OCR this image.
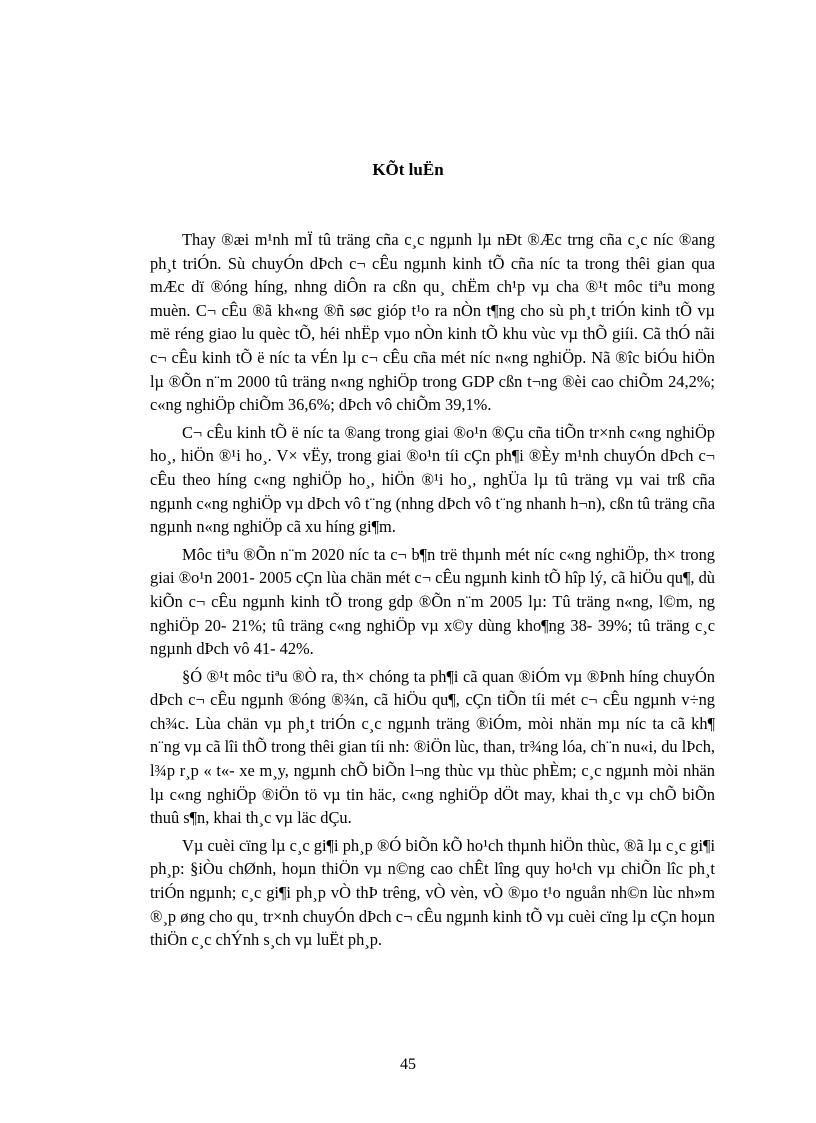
KÕt luËn

Thay ®æi m¹nh mÏ tû träng cña c¸c ngµnh lµ nÐt ®Æc trng cña c¸c níc ®ang ph¸t triÓn. Sù chuyÓn dÞch c¬ cÊu ngµnh kinh tÕ cña níc ta trong thêi gian qua mÆc dï ®óng híng, nhng diÔn ra cßn qu¸ chËm ch¹p vµ cha ®¹t môc tiªu mong muèn. C¬ cÊu ®ã kh«ng ®ñ søc gióp t¹o ra nÒn t¶ng cho sù ph¸t triÓn kinh tÕ vµ më réng giao lu quèc tÕ, héi nhËp vµo nÒn kinh tÕ khu vùc vµ thÕ giíi. Cã thÓ nãi c¬ cÊu kinh tÕ ë níc ta vÉn lµ c¬ cÊu cña mét níc n«ng nghiÖp. Nã ®îc biÓu hiÖn lµ ®Õn n¨m 2000 tû träng n«ng nghiÖp trong GDP cßn t¬ng ®èi cao chiÕm 24,2%; c«ng nghiÖp chiÕm 36,6%; dÞch vô chiÕm 39,1%.

C¬ cÊu kinh tÕ ë níc ta ®ang trong giai ®o¹n ®Çu cña tiÕn tr×nh c«ng nghiÖp ho¸, hiÖn ®¹i ho¸. V× vËy, trong giai ®o¹n tíi cÇn ph¶i ®Èy m¹nh chuyÓn dÞch c¬ cÊu theo híng c«ng nghiÖp ho¸, hiÖn ®¹i ho¸, nghÜa lµ tû träng vµ vai trß cña ngµnh c«ng nghiÖp vµ dÞch vô t¨ng (nhng dÞch vô t¨ng nhanh h¬n), cßn tû träng cña ngµnh n«ng nghiÖp cã xu híng gi¶m.

Môc tiªu ®Õn n¨m 2020 níc ta c¬ b¶n trë thµnh mét níc c«ng nghiÖp, th× trong giai ®o¹n 2001- 2005 cÇn lùa chän mét c¬ cÊu ngµnh kinh tÕ hîp lý, cã hiÖu qu¶, dù kiÕn c¬ cÊu ngµnh kinh tÕ trong gdp ®Õn n¨m 2005 lµ: Tû träng n«ng, l©m, ng nghiÖp 20- 21%; tû träng c«ng nghiÖp vµ x©y dùng kho¶ng 38- 39%; tû träng c¸c ngµnh dÞch vô 41- 42%.

§Ó ®¹t môc tiªu ®Ò ra, th× chóng ta ph¶i cã quan ®iÓm vµ ®Þnh híng chuyÓn dÞch c¬ cÊu ngµnh ®óng ®¾n, cã hiÖu qu¶, cÇn tiÕn tíi mét c¬ cÊu ngµnh v÷ng ch¾c. Lùa chän vµ ph¸t triÓn c¸c ngµnh träng ®iÓm, mòi nhän mµ níc ta cã kh¶ n¨ng vµ cã lîi thÕ trong thêi gian tíi nh: ®iÖn lùc, than, tr¾ng lóa, ch¨n nu«i, du lÞch, l¾p r¸p « t«- xe m¸y, ngµnh chÕ biÕn l¬ng thùc vµ thùc phÈm; c¸c ngµnh mòi nhän lµ c«ng nghiÖp ®iÖn tö vµ tin häc, c«ng nghiÖp dÖt may, khai th¸c vµ chÕ biÕn thuû s¶n, khai th¸c vµ läc dÇu.

Vµ cuèi cïng lµ c¸c gi¶i ph¸p ®Ó biÕn kÕ ho¹ch thµnh hiÖn thùc, ®ã lµ c¸c gi¶i ph¸p: §iÒu chØnh, hoµn thiÖn vµ n©ng cao chÊt lîng quy ho¹ch vµ chiÕn lîc ph¸t triÓn ngµnh; c¸c gi¶i ph¸p vÒ thÞ trêng, vÒ vèn, vÒ ®µo t¹o nguån nh©n lùc nh»m ®¸p øng cho qu¸ tr×nh chuyÓn dÞch c¬ cÊu ngµnh kinh tÕ vµ cuèi cïng lµ cÇn hoµn thiÖn c¸c chÝnh s¸ch vµ luËt ph¸p.

45
